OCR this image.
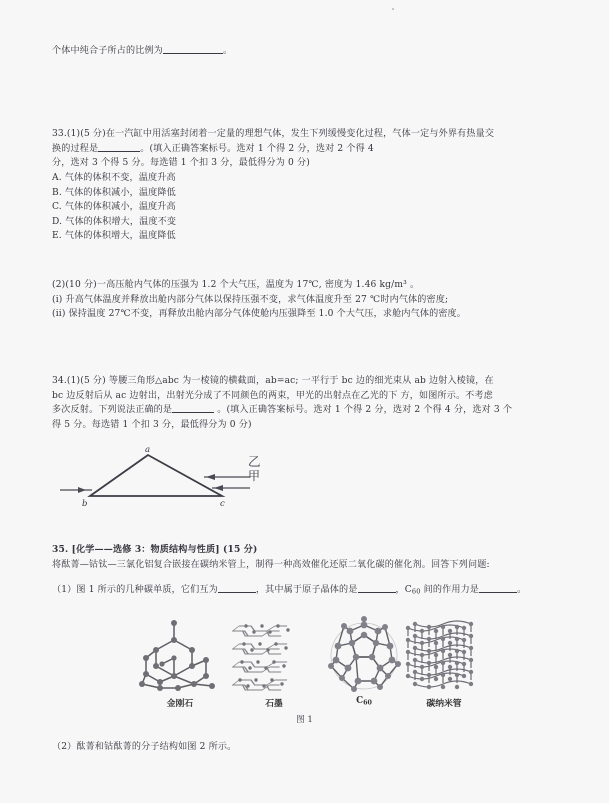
个体中纯合子所占的比例为	。
33.(1)(5 分)在一汽缸中用活塞封闭着一定量的理想气体，发生下列缓慢变化过程，气体一定与外界有热量交
换的过程是	。(填入正确答案标号。选对 1 个得 2 分，选对 2 个得 4
分，选对 3 个得 5 分。每选错 1 个扣 3 分，最低得分为 0 分)
A. 气体的体积不变，温度升高
B. 气体的体积减小，温度降低
C. 气体的体积减小，温度升高
D. 气体的体积增大，温度不变
E. 气体的体积增大，温度降低
(2)(10 分)一高压舱内气体的压强为 1.2 个大气压，温度为 17℃, 密度为 1.46 kg/m³ 。
(i) 升高气体温度并释放出舱内部分气体以保持压强不变，求气体温度升至 27 ℃时内气体的密度;
(ii) 保持温度 27℃不变，再释放出舱内部分气体使舱内压强降至 1.0 个大气压，求舱内气体的密度。
34.(1)(5 分) 等腰三角形△abc 为一棱镜的横截面，ab=ac; 一平行于 bc 边的细光束从 ab 边射入棱镜，在
bc 边反射后从 ac 边射出，出射光分成了不同颜色的两束，甲光的出射点在乙光的下 方，如图所示。不考虑
多次反射。下列说法正确的是	。(填入正确答案标号。选对 1 个得 2 分，选对 2 个得 4 分，选对 3 个
得 5 分。每选错 1 个扣 3 分，最低得分为 0 分)
a
b	c
乙
甲
35. [化学——选修 3：物质结构与性质] (15 分)
将酞菁—钴钛—三氯化铝复合嵌接在碳纳米管上，制得一种高效催化还原二氧化碳的催化剂。回答下列问题:
（1）图 1 所示的几种碳单质，它们互为	，其中属于原子晶体的是	，$C_{60}$ 间的作用力是	。
金刚石	石墨	$C_{60}$	碳纳米管
图 1
（2）酞菁和钴酞菁的分子结构如图 2 所示。
